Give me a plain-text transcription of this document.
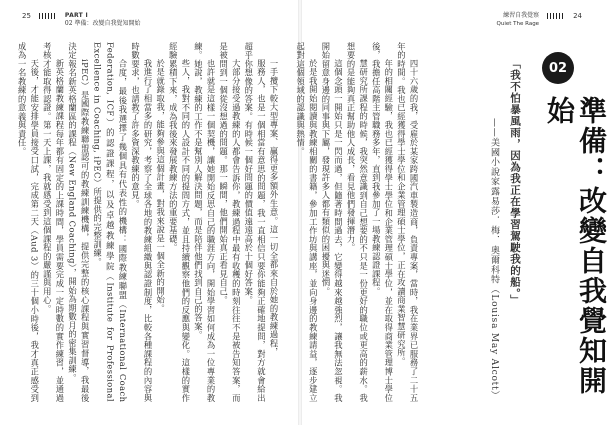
25	PART I
02 準備：改變自我覺知開始

一手攬下較大型專案、贏得更多額外生意。這一切全都來自於她的教練過程，

服務人，也是一個相當有意思的問題，我一直相信只要你能夠正確地提問，對方就會給出超乎你想像的答案。有時候一個好問題的價值遠遠高於十個好答案。

大部分接受過教練的人都會告訴你，教練過程中最有收穫的時刻往往不是被告知答案，而是被問到一個從沒想過的問題。那一瞬間，他們開始真正看見自己。

也許就是這樣一個契機，讓她開始反思自己的職涯方向，開始學習如何成為一位專業的教練。她說，教練的工作不是幫別人解決問題，而是陪伴他們找到自己的答案。

些人，我對不同的人設計不同的提問方式，並且持續觀察他們的反應與變化。這樣的實作經驗累積下來，成為我後來發展教練方法的重要基礎。

於是就錄取我，能夠參與這個計畫，對我來說是一個全新的開始。

我進行了相當多的研究，考察了全球各地的教練組織與認證制度，比較各種課程的內容與時數要求，也請教了許多資深教練的意見。

合度，最後我選擇了幾個具有代表性的機構：國際教練聯盟（International Coach Federation, ICF）的認證課程，以及卓越教練學院（Institute for Professional Excellence in Coaching, iPEC）所提供的完整訓練。

iPEC）是國際教練聯盟認可的教練訓練機構，提供完整的核心課程與實習督導，我最後決定報名新英格蘭區的課程（New England Coaching），開始為期數月的密集訓練。

新英格蘭教練課程每年都有固定的上課時間，學員需要完成一定時數的實作練習，並通過考核才能取得認證。第一天上課，我就感受到這個課程的嚴謹與用心。

天後，才能安排學員接受口試，完成第二天（Aud 3）的三十個小時後，我才真正感受到成為一名教練的意義與責任。

練習自我覺察
Quiet The Rage
24
02
準備：改變自我覺知開始
「我不怕暴風雨，因為我正在學習駕駛我的船。」
——美國小說家露易莎．梅．奧爾科特（Louisa May Alcott）

四十六歲的我，受雇於某家跨國汽車製造商，負責專案，當時，我在業界已服務了二十五年的時間。我也已經獲得學士學位和企業管理碩士學位，正在攻讀商業智慧研究所。

年的相關經驗，我也已經獲得學士學位和企業管理碩士學位，並在取得商業管理博士學位後，我擔任高階主管職務多年，直到我參加了一場教練認證課程。

慧研究所課程的時候，我突然意識到自己想要的不只是一份更好的職位或更高的薪水。我想要的是能夠真正幫助他人成長，看見他們發揮潛力。

這個念頭一開始只是一閃而過，但隨著時間過去，它變得越來越強烈，讓我無法忽視。我開始留意身邊的同事與下屬，發現許多人都有類似的困擾與迷惘。

於是我開始閱讀與教練相關的書籍，參加工作坊與講座，並向身邊的教練請益，逐步建立起對這個領域的認識與熱情。
